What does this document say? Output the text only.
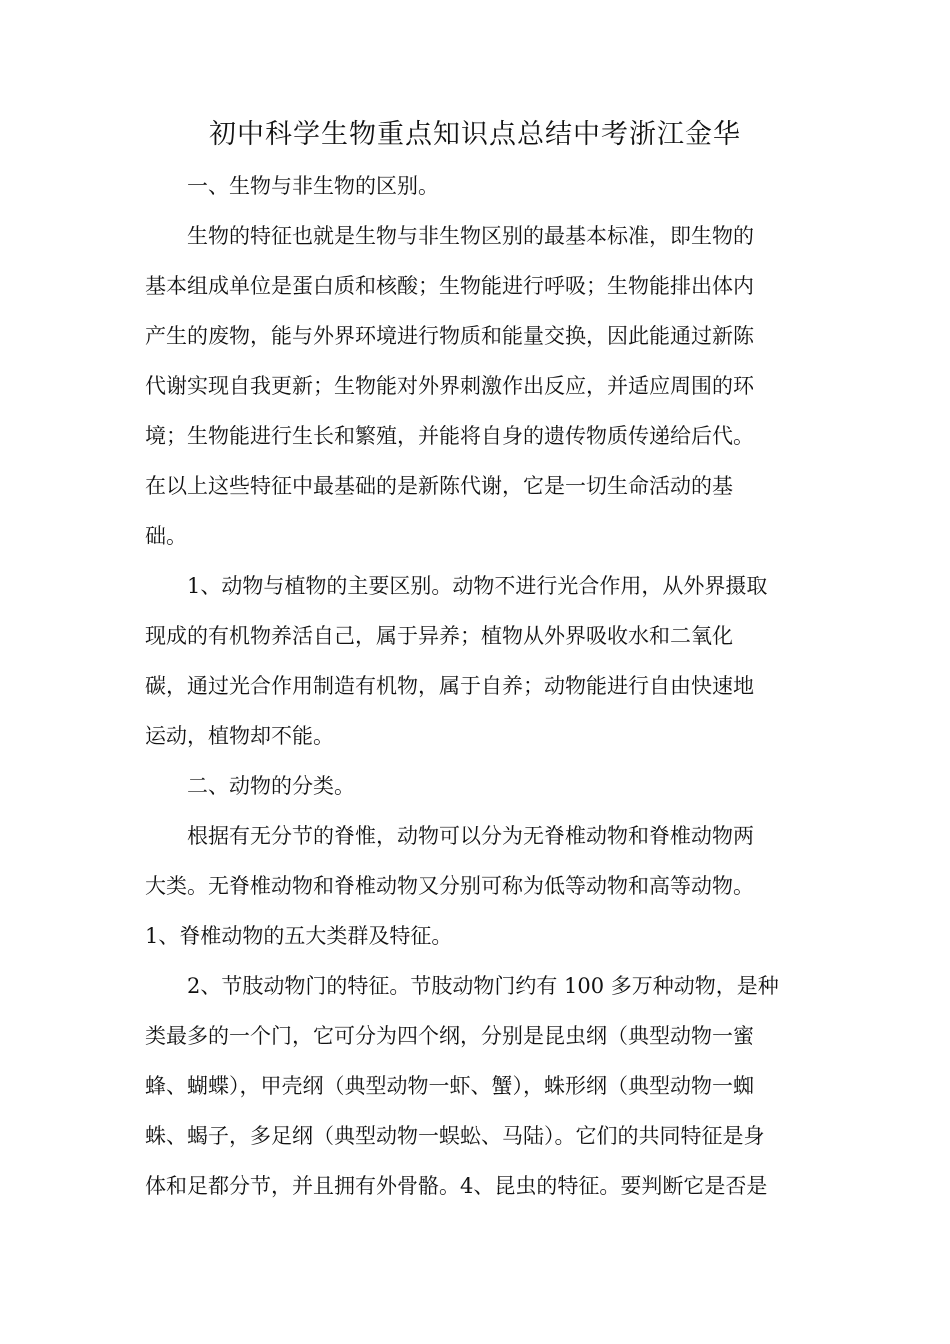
初中科学生物重点知识点总结中考浙江金华
一、生物与非生物的区别。
生物的特征也就是生物与非生物区别的最基本标准，即生物的
基本组成单位是蛋白质和核酸；生物能进行呼吸；生物能排出体内
产生的废物，能与外界环境进行物质和能量交换，因此能通过新陈
代谢实现自我更新；生物能对外界刺激作出反应，并适应周围的环
境；生物能进行生长和繁殖，并能将自身的遗传物质传递给后代。
在以上这些特征中最基础的是新陈代谢，它是一切生命活动的基
础。
1、动物与植物的主要区别。动物不进行光合作用，从外界摄取
现成的有机物养活自己，属于异养；植物从外界吸收水和二氧化
碳，通过光合作用制造有机物，属于自养；动物能进行自由快速地
运动，植物却不能。
二、动物的分类。
根据有无分节的脊惟，动物可以分为无脊椎动物和脊椎动物两
大类。无脊椎动物和脊椎动物又分别可称为低等动物和高等动物。
1、脊椎动物的五大类群及特征。
2、节肢动物门的特征。节肢动物门约有 100 多万种动物，是种
类最多的一个门，它可分为四个纲，分别是昆虫纲（典型动物一蜜
蜂、蝴蝶），甲壳纲（典型动物一虾、蟹），蛛形纲（典型动物一蜘
蛛、蝎子，多足纲（典型动物一蜈蚣、马陆）。它们的共同特征是身
体和足都分节，并且拥有外骨骼。4、昆虫的特征。要判断它是否是
